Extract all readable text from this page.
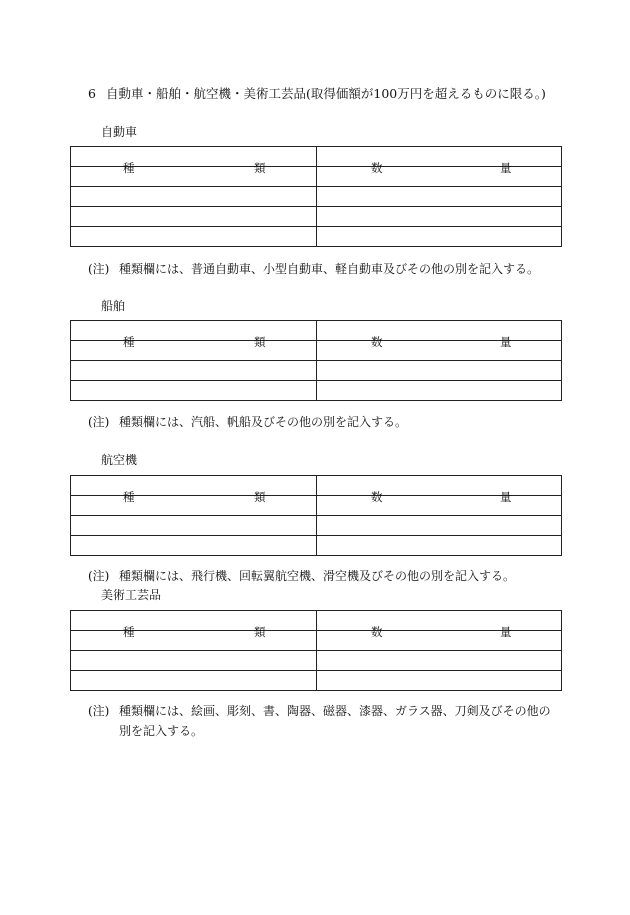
6 自動車・船舶・航空機・美術工芸品(取得価額が100万円を超えるものに限る。)
自動車
種 類	数 量

(注) 種類欄には、普通自動車、小型自動車、軽自動車及びその他の別を記入する。
船舶
種 類	数 量

(注) 種類欄には、汽船、帆船及びその他の別を記入する。
航空機
種 類	数 量

(注) 種類欄には、飛行機、回転翼航空機、滑空機及びその他の別を記入する。
美術工芸品
種 類	数 量

(注) 種類欄には、絵画、彫刻、書、陶器、磁器、漆器、ガラス器、刀剣及びその他の
別を記入する。
